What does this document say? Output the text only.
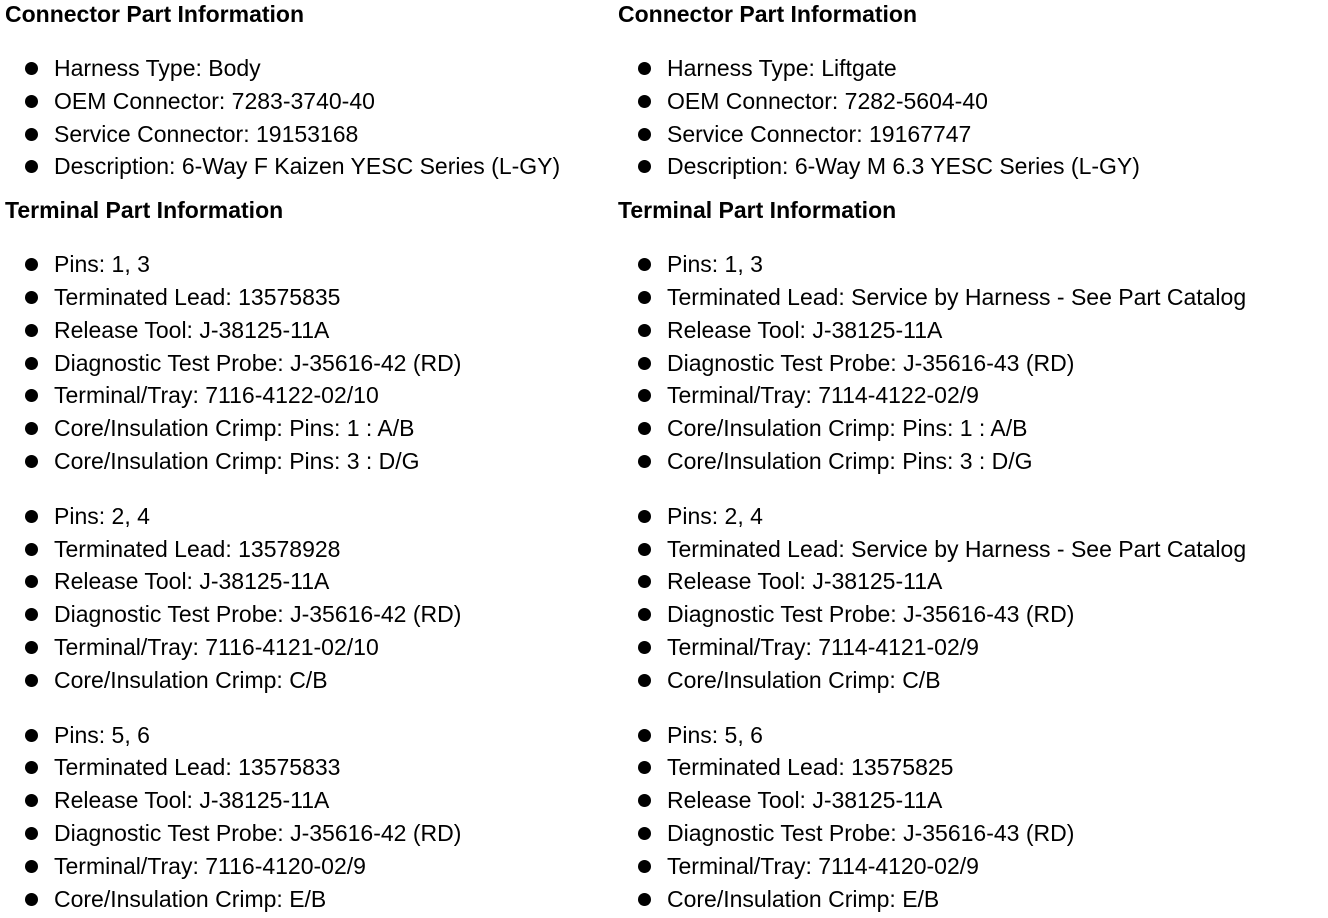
Connector Part Information
Harness Type: Body
OEM Connector: 7283-3740-40
Service Connector: 19153168
Description: 6-Way F Kaizen YESC Series (L-GY)
Terminal Part Information
Pins: 1, 3
Terminated Lead: 13575835
Release Tool: J-38125-11A
Diagnostic Test Probe: J-35616-42 (RD)
Terminal/Tray: 7116-4122-02/10
Core/Insulation Crimp: Pins: 1 : A/B
Core/Insulation Crimp: Pins: 3 : D/G
Pins: 2, 4
Terminated Lead: 13578928
Release Tool: J-38125-11A
Diagnostic Test Probe: J-35616-42 (RD)
Terminal/Tray: 7116-4121-02/10
Core/Insulation Crimp: C/B
Pins: 5, 6
Terminated Lead: 13575833
Release Tool: J-38125-11A
Diagnostic Test Probe: J-35616-42 (RD)
Terminal/Tray: 7116-4120-02/9
Core/Insulation Crimp: E/B
Connector Part Information
Harness Type: Liftgate
OEM Connector: 7282-5604-40
Service Connector: 19167747
Description: 6-Way M 6.3 YESC Series (L-GY)
Terminal Part Information
Pins: 1, 3
Terminated Lead: Service by Harness - See Part Catalog
Release Tool: J-38125-11A
Diagnostic Test Probe: J-35616-43 (RD)
Terminal/Tray: 7114-4122-02/9
Core/Insulation Crimp: Pins: 1 : A/B
Core/Insulation Crimp: Pins: 3 : D/G
Pins: 2, 4
Terminated Lead: Service by Harness - See Part Catalog
Release Tool: J-38125-11A
Diagnostic Test Probe: J-35616-43 (RD)
Terminal/Tray: 7114-4121-02/9
Core/Insulation Crimp: C/B
Pins: 5, 6
Terminated Lead: 13575825
Release Tool: J-38125-11A
Diagnostic Test Probe: J-35616-43 (RD)
Terminal/Tray: 7114-4120-02/9
Core/Insulation Crimp: E/B
